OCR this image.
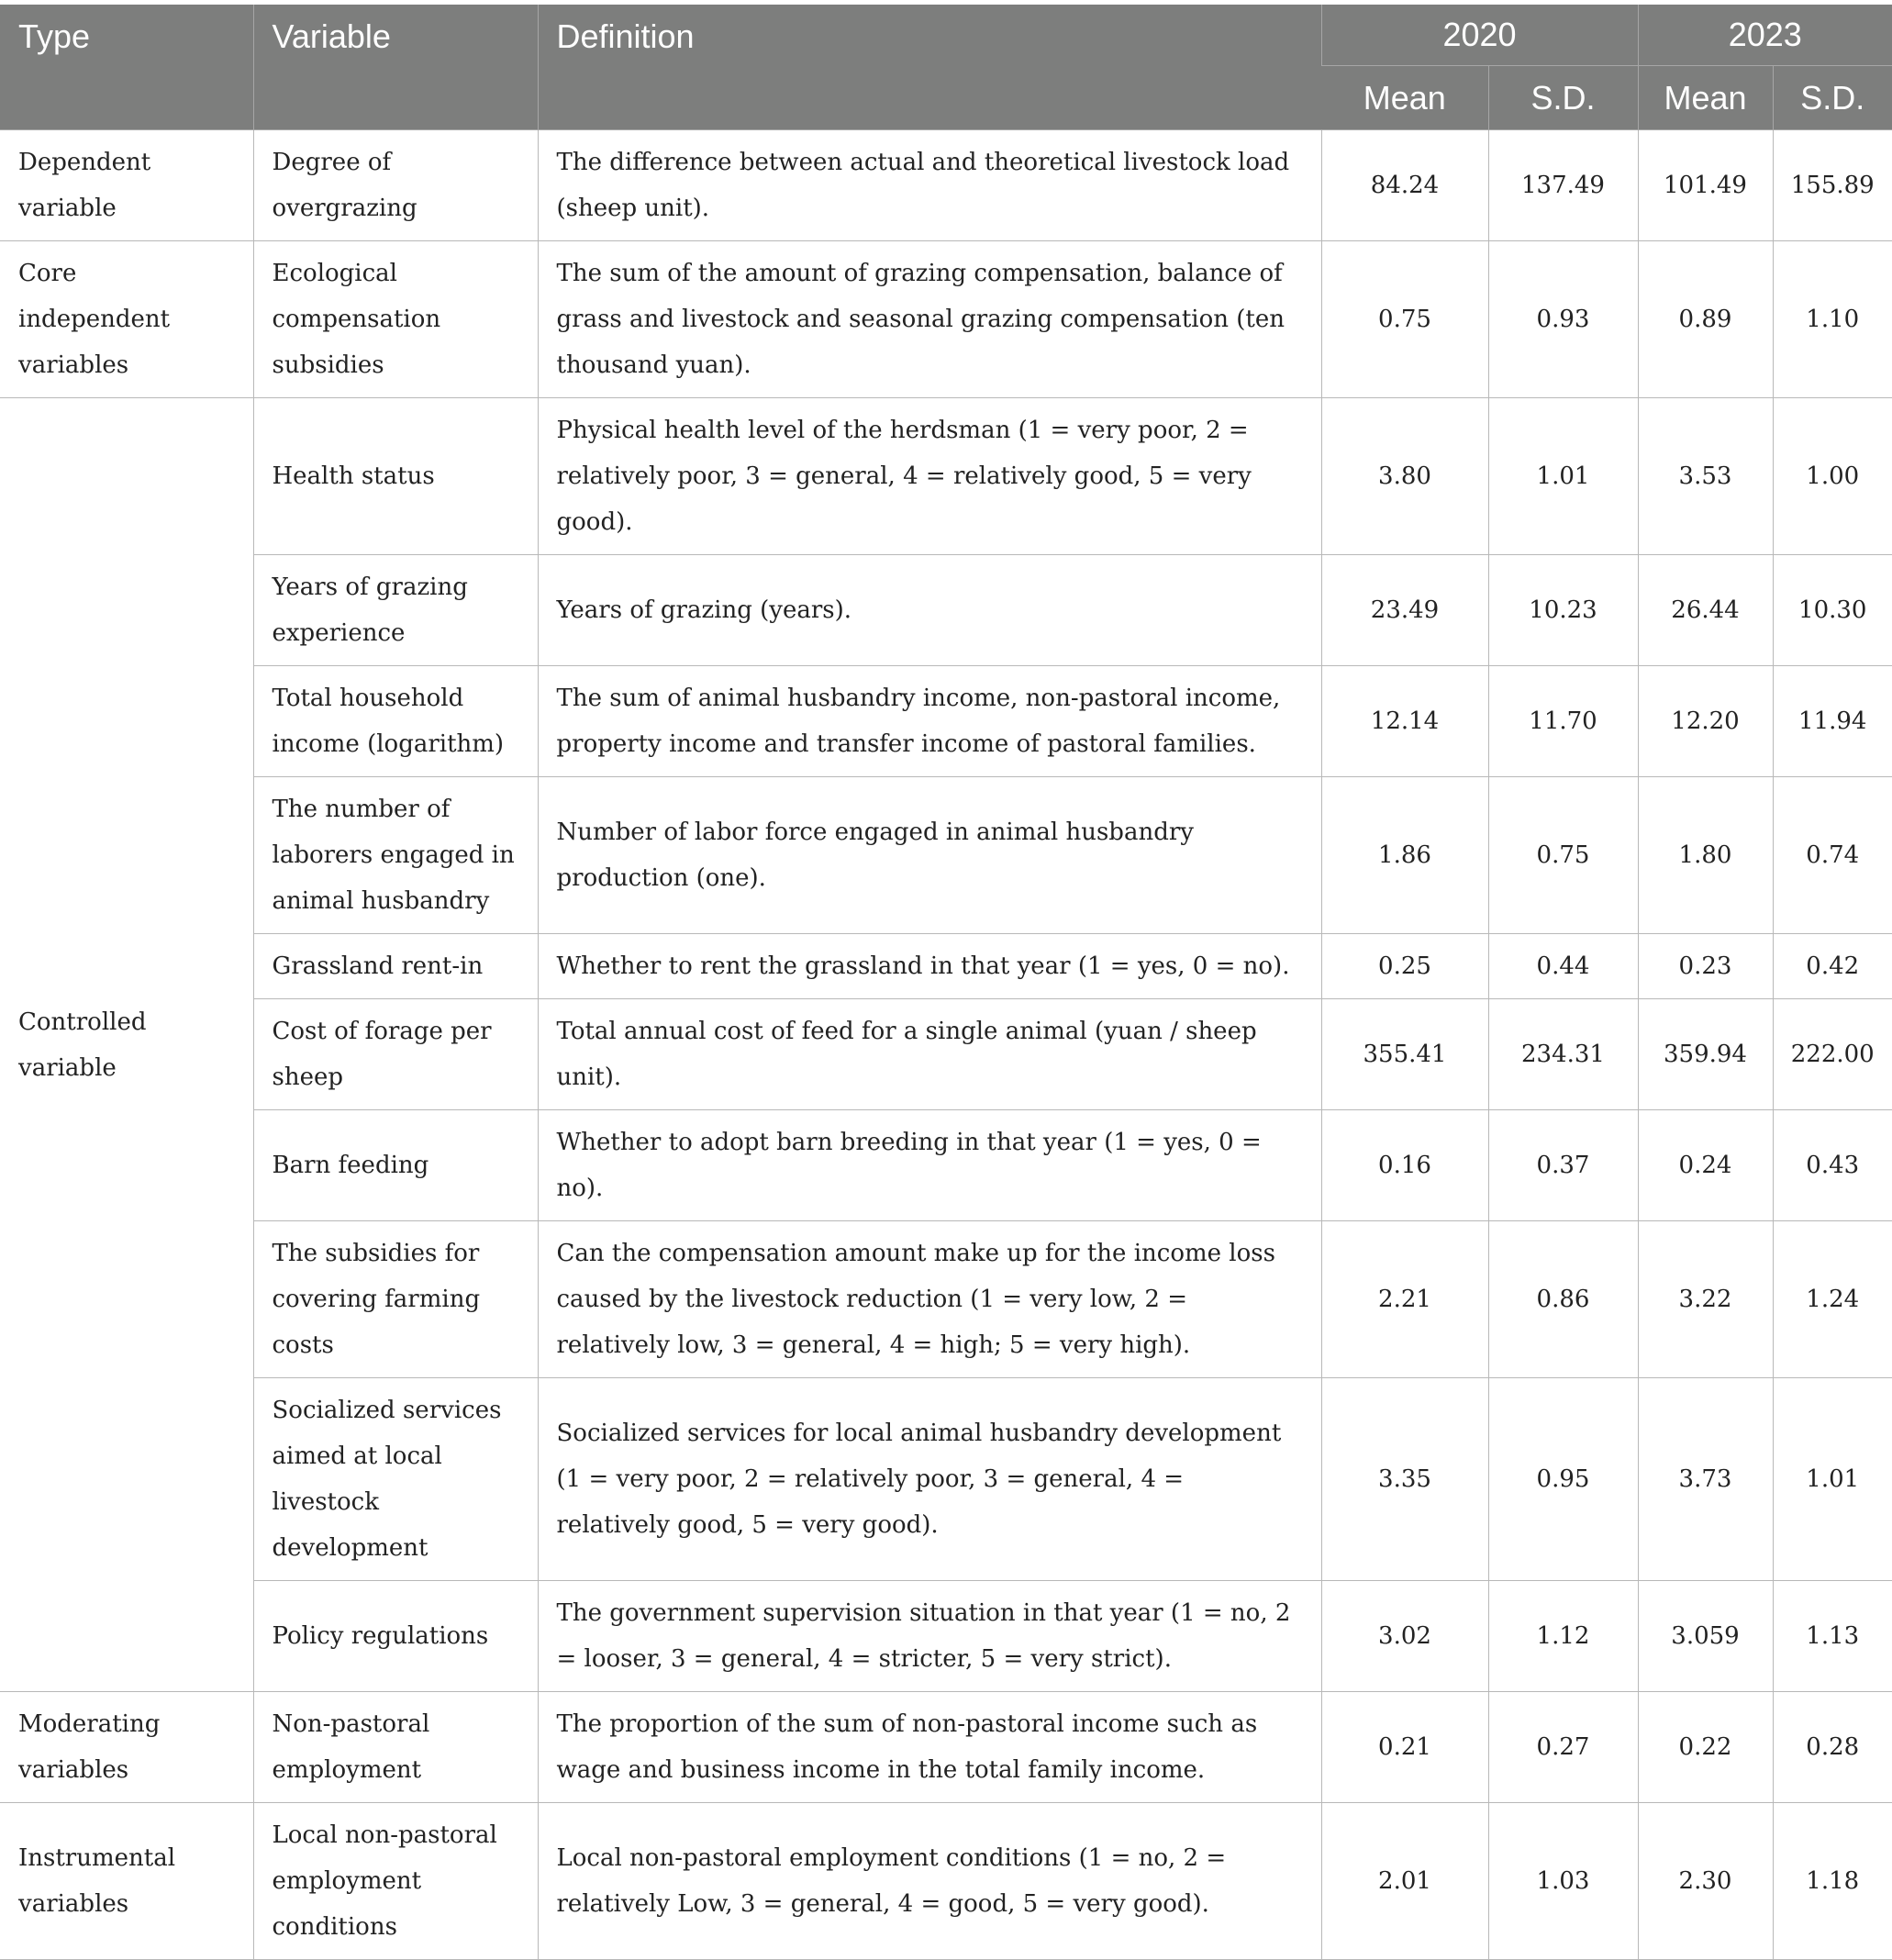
Type	Variable	Definition	2020		2023	
			Mean	S.D.	Mean	S.D.
Dependent variable	Degree of overgrazing	The difference between actual and theoretical livestock load (sheep unit).	84.24	137.49	101.49	155.89
Core independent variables	Ecological compensation subsidies	The sum of the amount of grazing compensation, balance of grass and livestock and seasonal grazing compensation (ten thousand yuan).	0.75	0.93	0.89	1.10
Controlled variable	Health status	Physical health level of the herdsman (1 = very poor, 2 = relatively poor, 3 = general, 4 = relatively good, 5 = very good).	3.80	1.01	3.53	1.00
	Years of grazing experience	Years of grazing (years).	23.49	10.23	26.44	10.30
	Total household income (logarithm)	The sum of animal husbandry income, non-pastoral income, property income and transfer income of pastoral families.	12.14	11.70	12.20	11.94
	The number of laborers engaged in animal husbandry	Number of labor force engaged in animal husbandry production (one).	1.86	0.75	1.80	0.74
	Grassland rent-in	Whether to rent the grassland in that year (1 = yes, 0 = no).	0.25	0.44	0.23	0.42
	Cost of forage per sheep	Total annual cost of feed for a single animal (yuan / sheep unit).	355.41	234.31	359.94	222.00
	Barn feeding	Whether to adopt barn breeding in that year (1 = yes, 0 = no).	0.16	0.37	0.24	0.43
	The subsidies for covering farming costs	Can the compensation amount make up for the income loss caused by the livestock reduction (1 = very low, 2 = relatively low, 3 = general, 4 = high; 5 = very high).	2.21	0.86	3.22	1.24
	Socialized services aimed at local livestock development	Socialized services for local animal husbandry development (1 = very poor, 2 = relatively poor, 3 = general, 4 = relatively good, 5 = very good).	3.35	0.95	3.73	1.01
	Policy regulations	The government supervision situation in that year (1 = no, 2 = looser, 3 = general, 4 = stricter, 5 = very strict).	3.02	1.12	3.059	1.13
Moderating variables	Non-pastoral employment	The proportion of the sum of non-pastoral income such as wage and business income in the total family income.	0.21	0.27	0.22	0.28
Instrumental variables	Local non-pastoral employment conditions	Local non-pastoral employment conditions (1 = no, 2 = relatively Low, 3 = general, 4 = good, 5 = very good).	2.01	1.03	2.30	1.18
